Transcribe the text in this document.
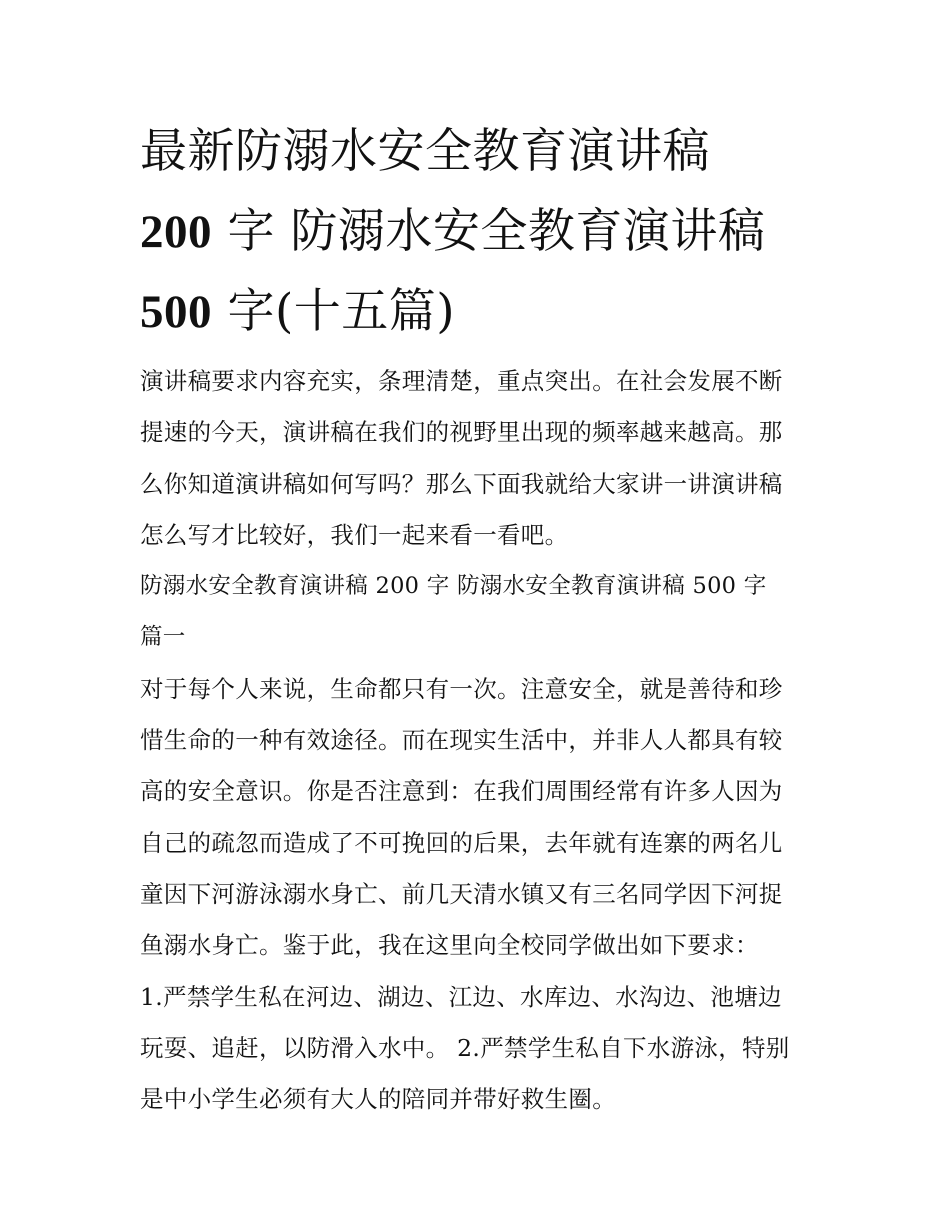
最新防溺水安全教育演讲稿
200 字 防溺水安全教育演讲稿
500 字(十五篇)

演讲稿要求内容充实，条理清楚，重点突出。在社会发展不断
提速的今天，演讲稿在我们的视野里出现的频率越来越高。那
么你知道演讲稿如何写吗？那么下面我就给大家讲一讲演讲稿
怎么写才比较好，我们一起来看一看吧。

防溺水安全教育演讲稿 200 字 防溺水安全教育演讲稿 500 字
篇一

对于每个人来说，生命都只有一次。注意安全，就是善待和珍
惜生命的一种有效途径。而在现实生活中，并非人人都具有较
高的安全意识。你是否注意到：在我们周围经常有许多人因为
自己的疏忽而造成了不可挽回的后果，去年就有连寨的两名儿
童因下河游泳溺水身亡、前几天清水镇又有三名同学因下河捉
鱼溺水身亡。鉴于此，我在这里向全校同学做出如下要求：
1.严禁学生私在河边、湖边、江边、水库边、水沟边、池塘边
玩耍、追赶，以防滑入水中。 2.严禁学生私自下水游泳，特别
是中小学生必须有大人的陪同并带好救生圈。
